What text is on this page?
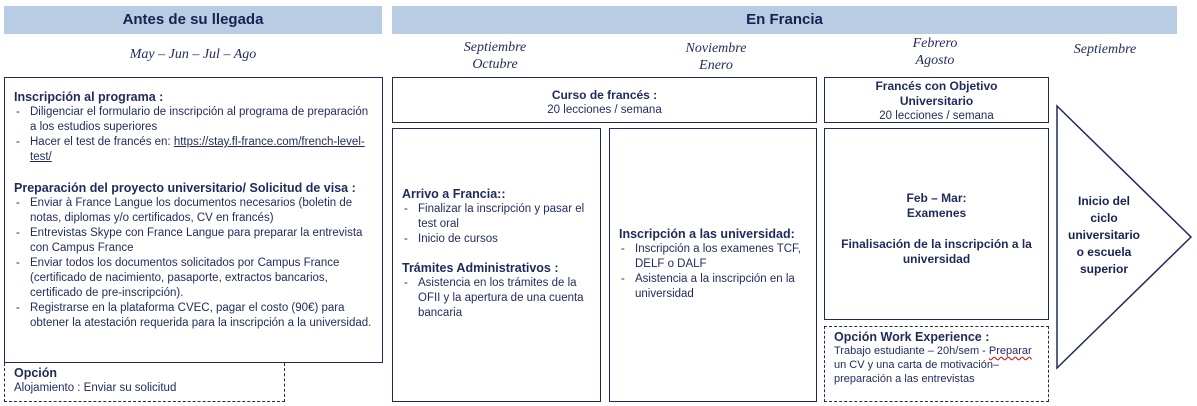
Antes de su llegada	En Francia
May – Jun – Jul – Ago	Septiembre
Octubre
Noviembre
Enero
Febrero
Agosto
Septiembre
Inscripción al programa :
- Diligenciar el formulario de inscripción al programa de preparación a los estudios superiores
- Hacer el test de francés en: https://stay.fl-france.com/french-level-test/
Preparación del proyecto universitario/ Solicitud de visa :
- Enviar à France Langue los documentos necesarios (boletin de notas, diplomas y/o certificados, CV en francés)
- Entrevistas Skype con France Langue para preparar la entrevista con Campus France
- Enviar todos los documentos solicitados por Campus France (certificado de nacimiento, pasaporte, extractos bancarios, certificado de pre-inscripción).
- Registrarse en la plataforma CVEC, pagar el costo (90€) para obtener la atestación requerida para la inscripción a la universidad.
Opción
Alojamiento : Enviar su solicitud
Curso de francés :
20 lecciones / semana
Francés con Objetivo
Universitario
20 lecciones / semana
Arrivo a Francia::
- Finalizar la inscripción y pasar el test oral
- Inicio de cursos
Trámites Administrativos :
- Asistencia en los trámites de la OFII y la apertura de una cuenta bancaria
Inscripción a las universidad:
- Inscripción a los examenes TCF, DELF o DALF
- Asistencia a la inscripción en la universidad
Feb – Mar:
Examenes
Finalisación de la inscripción a la universidad
Opción Work Experience :
Trabajo estudiante – 20h/sem - Preparar un CV y una carta de motivación– preparación a las entrevistas
Inicio del
ciclo
universitario
o escuela
superior
